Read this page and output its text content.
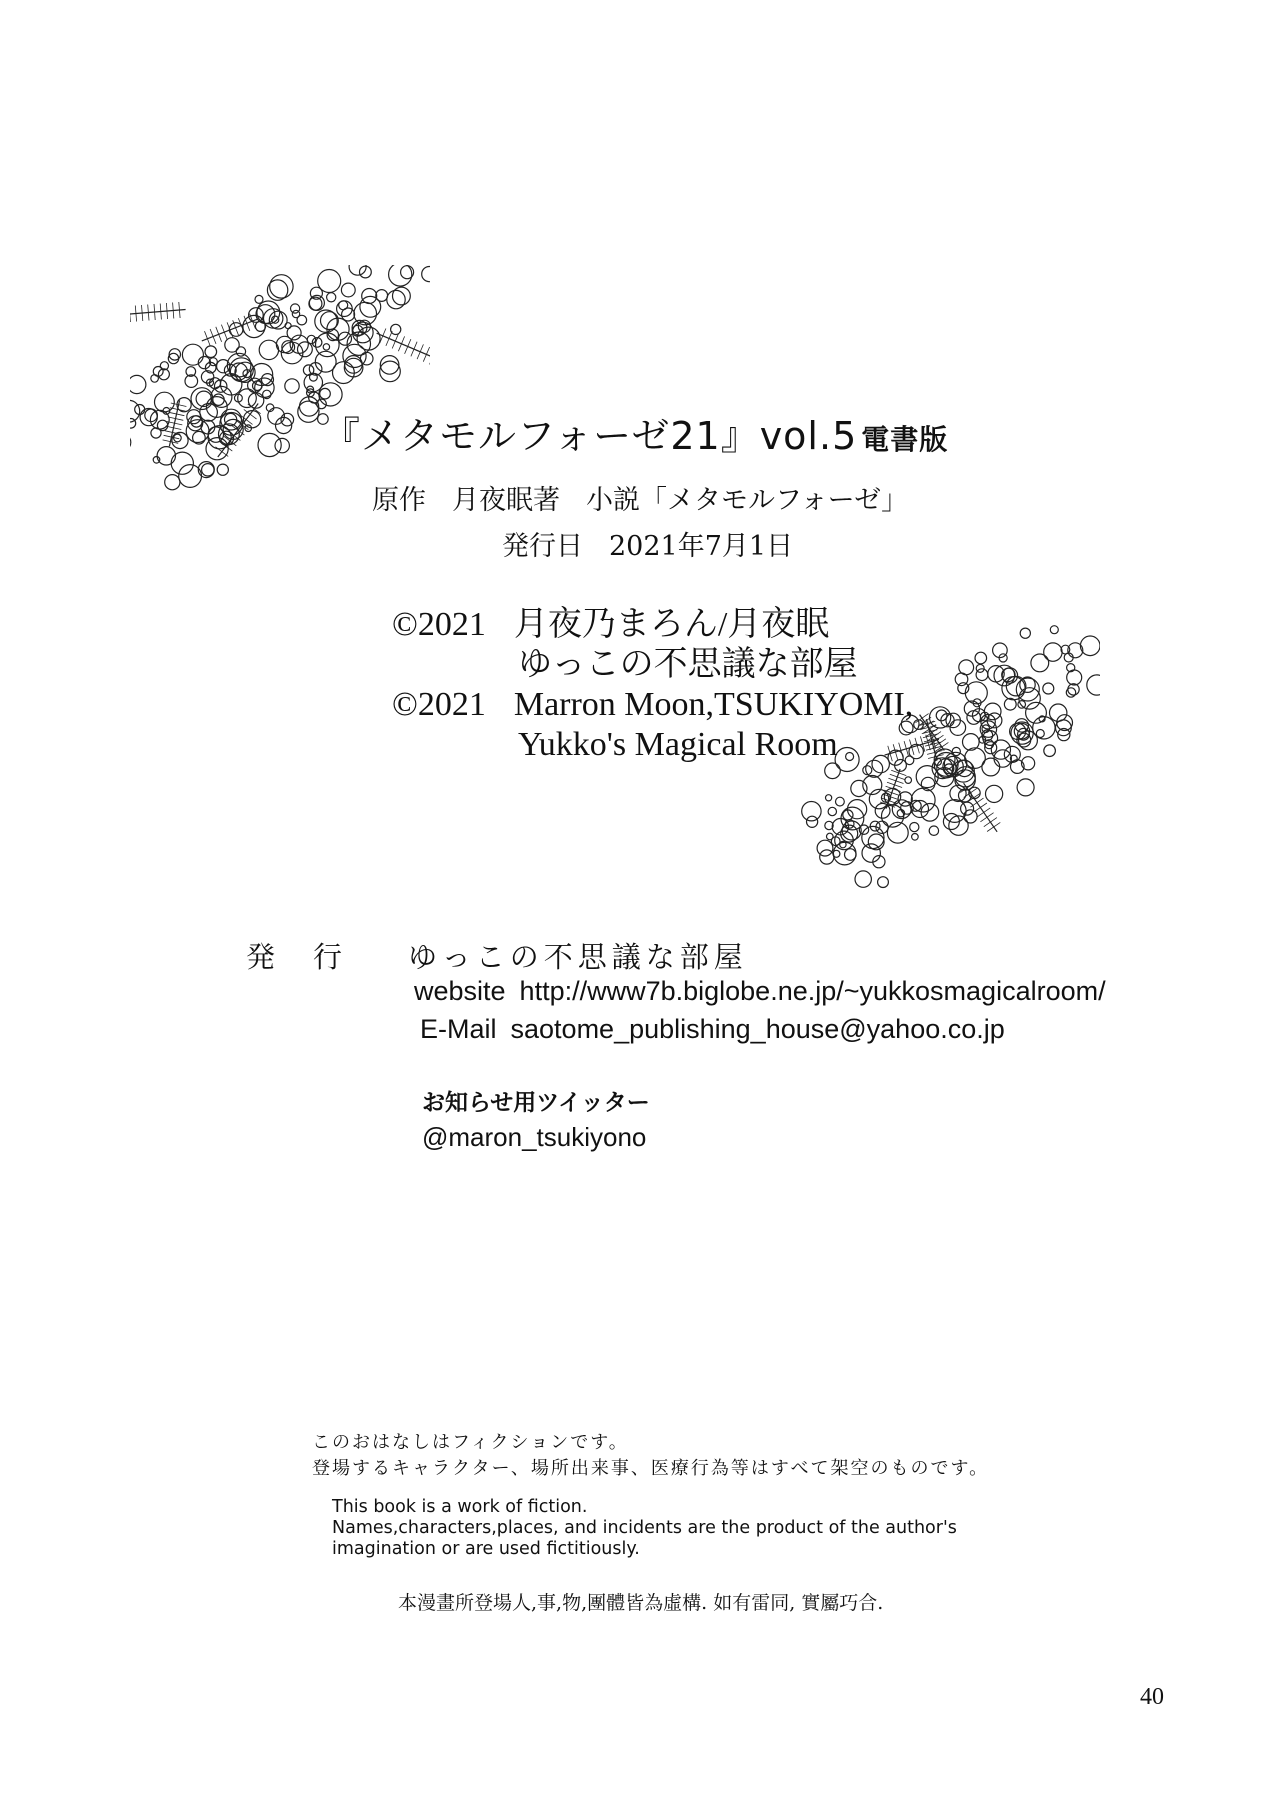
『メタモルフォーゼ21』vol.5 電書版
原作 月夜眠著 小説「メタモルフォーゼ」
発行日 2021年7月1日
©2021 月夜乃まろん/月夜眠
ゆっこの不思議な部屋
©2021 Marron Moon,TSUKIYOMI,
Yukko's Magical Room
発行 ゆっこの不思議な部屋
website http://www7b.biglobe.ne.jp/~yukkosmagicalroom/
E-Mail saotome_publishing_house@yahoo.co.jp
お知らせ用ツイッター
@maron_tsukiyono
このおはなしはフィクションです。
登場するキャラクター、場所出来事、医療行為等はすべて架空のものです。
This book is a work of fiction.
Names,characters,places, and incidents are the product of the author's
imagination or are used fictitiously.
本漫畫所登場人,事,物,團體皆為虛構. 如有雷同, 實屬巧合.
40
